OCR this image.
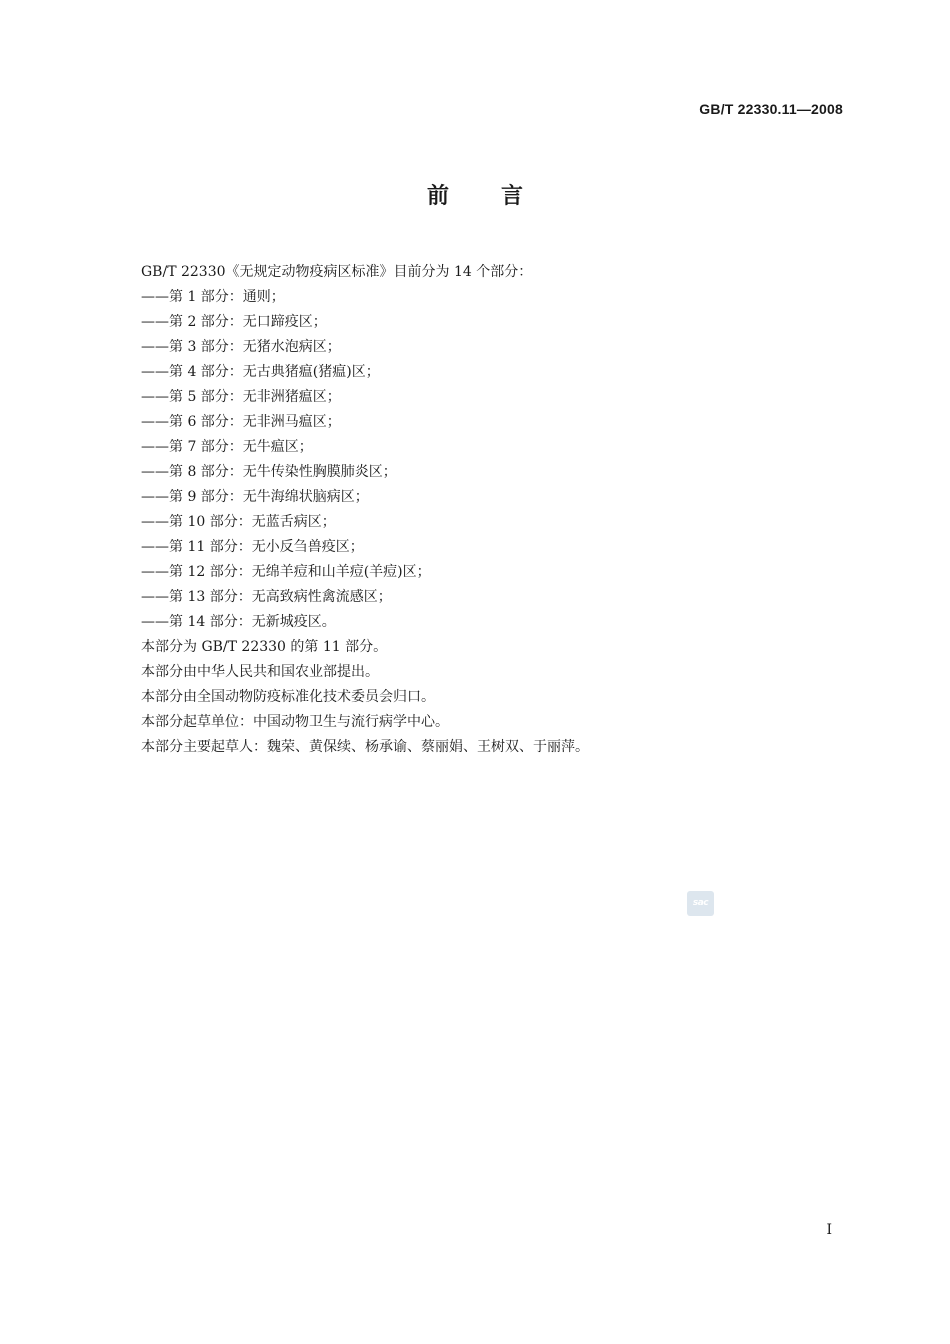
GB/T 22330.11—2008
前 言
GB/T 22330《无规定动物疫病区标准》目前分为 14 个部分：
——第 1 部分：通则；
——第 2 部分：无口蹄疫区；
——第 3 部分：无猪水泡病区；
——第 4 部分：无古典猪瘟(猪瘟)区；
——第 5 部分：无非洲猪瘟区；
——第 6 部分：无非洲马瘟区；
——第 7 部分：无牛瘟区；
——第 8 部分：无牛传染性胸膜肺炎区；
——第 9 部分：无牛海绵状脑病区；
——第 10 部分：无蓝舌病区；
——第 11 部分：无小反刍兽疫区；
——第 12 部分：无绵羊痘和山羊痘(羊痘)区；
——第 13 部分：无高致病性禽流感区；
——第 14 部分：无新城疫区。
本部分为 GB/T 22330 的第 11 部分。
本部分由中华人民共和国农业部提出。
本部分由全国动物防疫标准化技术委员会归口。
本部分起草单位：中国动物卫生与流行病学中心。
本部分主要起草人：魏荣、黄保续、杨承谕、蔡丽娟、王树双、于丽萍。
sac
I
